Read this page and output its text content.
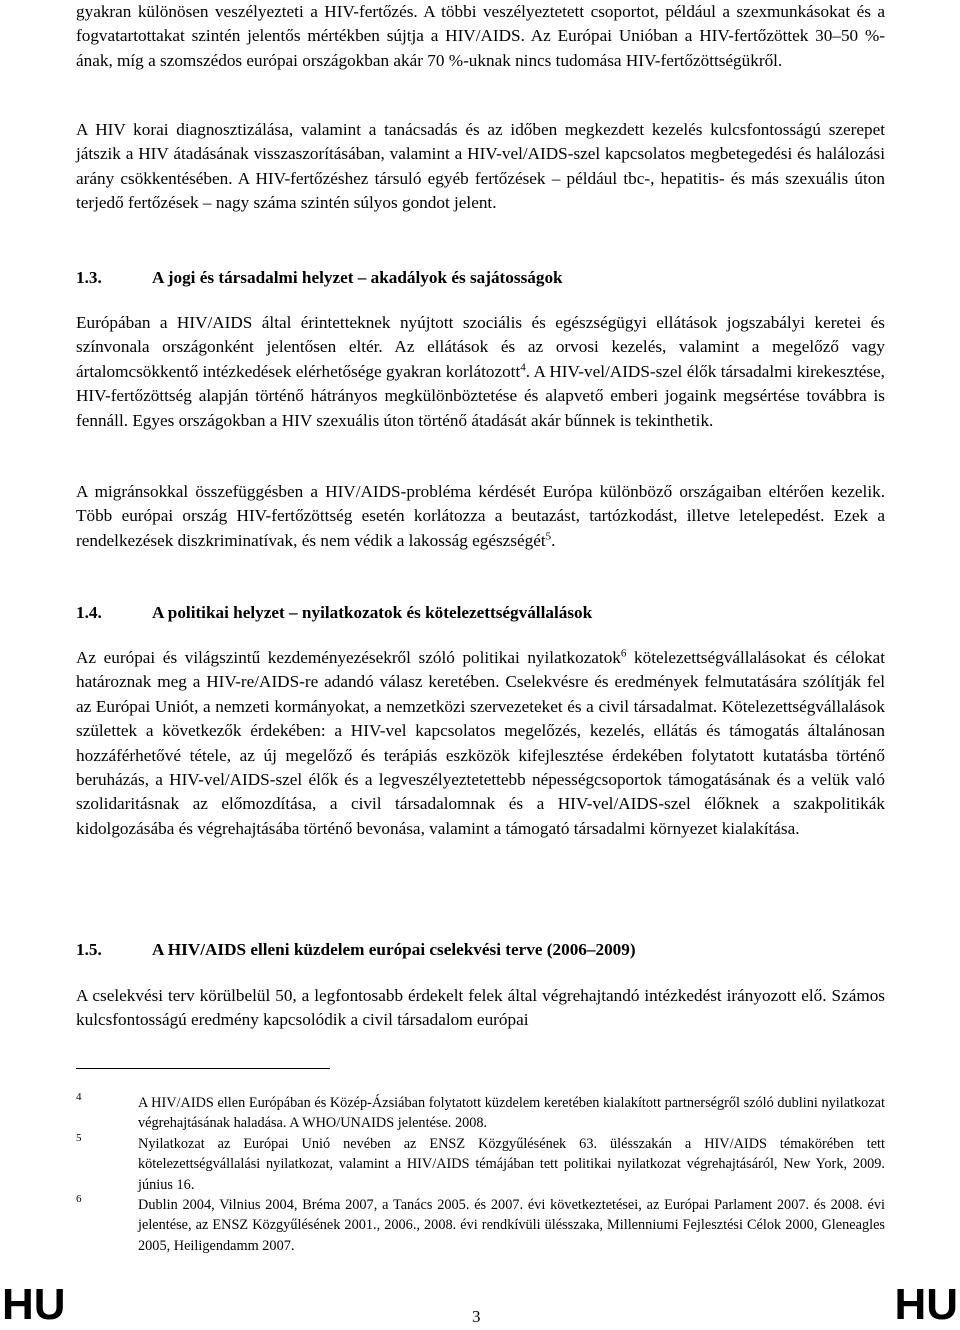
gyakran különösen veszélyezteti a HIV-fertőzés. A többi veszélyeztetett csoportot, például a szexmunkásokat és a fogvatartottakat szintén jelentős mértékben sújtja a HIV/AIDS. Az Európai Unióban a HIV-fertőzöttek 30–50 %-ának, míg a szomszédos európai országokban akár 70 %-uknak nincs tudomása HIV-fertőzöttségükről.

A HIV korai diagnosztizálása, valamint a tanácsadás és az időben megkezdett kezelés kulcsfontosságú szerepet játszik a HIV átadásának visszaszorításában, valamint a HIV-vel/AIDS-szel kapcsolatos megbetegedési és halálozási arány csökkentésében. A HIV-fertőzéshez társuló egyéb fertőzések – például tbc-, hepatitis- és más szexuális úton terjedő fertőzések – nagy száma szintén súlyos gondot jelent.

1.3.	A jogi és társadalmi helyzet – akadályok és sajátosságok

Európában a HIV/AIDS által érintetteknek nyújtott szociális és egészségügyi ellátások jogszabályi keretei és színvonala országonként jelentősen eltér. Az ellátások és az orvosi kezelés, valamint a megelőző vagy ártalomcsökkentő intézkedések elérhetősége gyakran korlátozott$^4$. A HIV-vel/AIDS-szel élők társadalmi kirekesztése, HIV-fertőzöttség alapján történő hátrányos megkülönböztetése és alapvető emberi jogaink megsértése továbbra is fennáll. Egyes országokban a HIV szexuális úton történő átadását akár bűnnek is tekinthetik.

A migránsokkal összefüggésben a HIV/AIDS-probléma kérdését Európa különböző országaiban eltérően kezelik. Több európai ország HIV-fertőzöttség esetén korlátozza a beutazást, tartózkodást, illetve letelepedést. Ezek a rendelkezések diszkriminatívak, és nem védik a lakosság egészségét$^5$.

1.4.	A politikai helyzet – nyilatkozatok és kötelezettségvállalások

Az európai és világszintű kezdeményezésekről szóló politikai nyilatkozatok$^6$ kötelezettségvállalásokat és célokat határoznak meg a HIV-re/AIDS-re adandó válasz keretében. Cselekvésre és eredmények felmutatására szólítják fel az Európai Uniót, a nemzeti kormányokat, a nemzetközi szervezeteket és a civil társadalmat. Kötelezettségvállalások születtek a következők érdekében: a HIV-vel kapcsolatos megelőzés, kezelés, ellátás és támogatás általánosan hozzáférhetővé tétele, az új megelőző és terápiás eszközök kifejlesztése érdekében folytatott kutatásba történő beruházás, a HIV-vel/AIDS-szel élők és a legveszélyeztetettebb népességcsoportok támogatásának és a velük való szolidaritásnak az előmozdítása, a civil társadalomnak és a HIV-vel/AIDS-szel élőknek a szakpolitikák kidolgozásába és végrehajtásába történő bevonása, valamint a támogató társadalmi környezet kialakítása.

1.5.	A HIV/AIDS elleni küzdelem európai cselekvési terve (2006–2009)

A cselekvési terv körülbelül 50, a legfontosabb érdekelt felek által végrehajtandó intézkedést irányozott elő. Számos kulcsfontosságú eredmény kapcsolódik a civil társadalom európai

4	A HIV/AIDS ellen Európában és Közép-Ázsiában folytatott küzdelem keretében kialakított partnerségről szóló dublini nyilatkozat végrehajtásának haladása. A WHO/UNAIDS jelentése. 2008.
5	Nyilatkozat az Európai Unió nevében az ENSZ Közgyűlésének 63. ülésszakán a HIV/AIDS témakörében tett kötelezettségvállalási nyilatkozat, valamint a HIV/AIDS témájában tett politikai nyilatkozat végrehajtásáról, New York, 2009. június 16.
6	Dublin 2004, Vilnius 2004, Bréma 2007, a Tanács 2005. és 2007. évi következtetései, az Európai Parlament 2007. és 2008. évi jelentése, az ENSZ Közgyűlésének 2001., 2006., 2008. évi rendkívüli ülésszaka, Millenniumi Fejlesztési Célok 2000, Gleneagles 2005, Heiligendamm 2007.
HU	3	HU
